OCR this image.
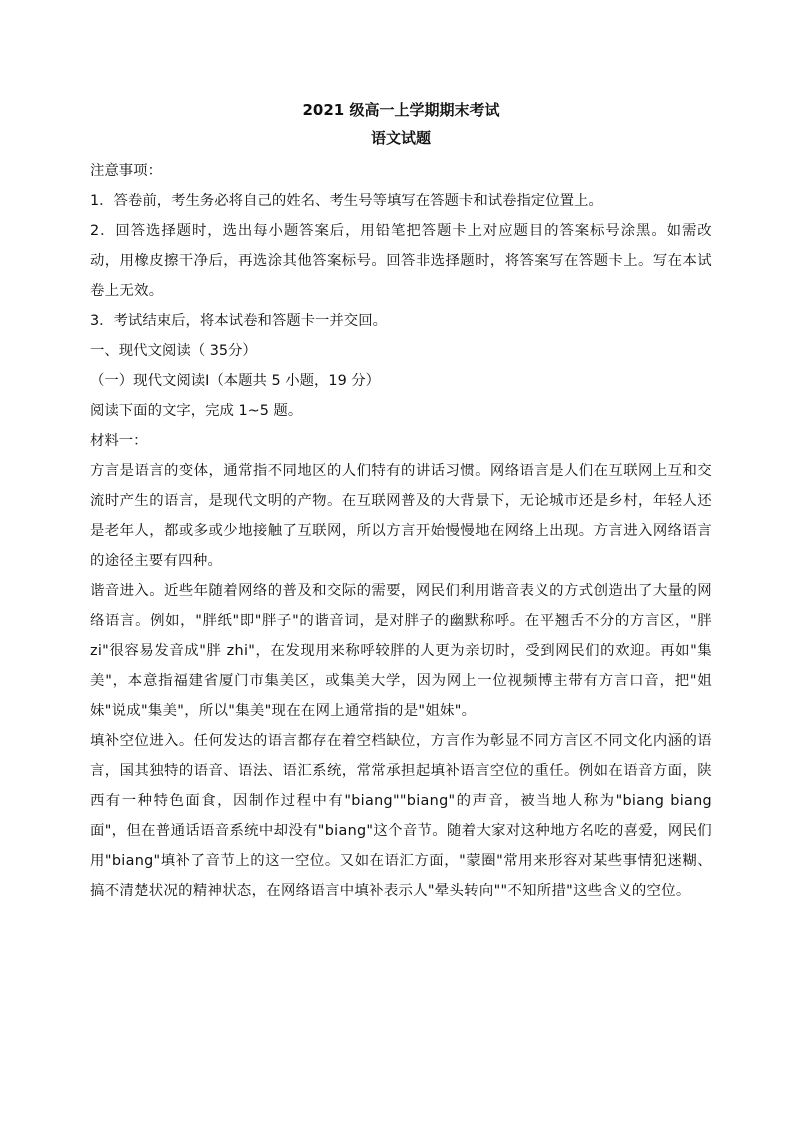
2021 级高一上学期期末考试

语文试题

注意事项：

1．答卷前，考生务必将自己的姓名、考生号等填写在答题卡和试卷指定位置上。

2．回答选择题时，选出每小题答案后，用铅笔把答题卡上对应题目的答案标号涂黑。如需改动，用橡皮擦干净后，再选涂其他答案标号。回答非选择题时，将答案写在答题卡上。写在本试卷上无效。

3．考试结束后，将本试卷和答题卡一并交回。

一、现代文阅读（ 35分）

（一）现代文阅读Ⅰ（本题共 5 小题，19 分）

阅读下面的文字，完成 1~5 题。

材料一：

方言是语言的变体，通常指不同地区的人们特有的讲话习惯。网络语言是人们在互联网上互和交流时产生的语言，是现代文明的产物。在互联网普及的大背景下，无论城市还是乡村，年轻人还是老年人，都或多或少地接触了互联网，所以方言开始慢慢地在网络上出现。方言进入网络语言的途径主要有四种。

谐音进入。近些年随着网络的普及和交际的需要，网民们利用谐音表义的方式创造出了大量的网络语言。例如，"胖纸"即"胖子"的谐音词，是对胖子的幽默称呼。在平翘舌不分的方言区，"胖 zi"很容易发音成"胖 zhi"，在发现用来称呼较胖的人更为亲切时，受到网民们的欢迎。再如"集美"，本意指福建省厦门市集美区，或集美大学，因为网上一位视频博主带有方言口音，把"姐妹"说成"集美"，所以"集美"现在在网上通常指的是"姐妹"。

填补空位进入。任何发达的语言都存在着空档缺位，方言作为彰显不同方言区不同文化内涵的语言，国其独特的语音、语法、语汇系统，常常承担起填补语言空位的重任。例如在语音方面，陕西有一种特色面食，因制作过程中有"biang""biang"的声音，被当地人称为"biang biang 面"，但在普通话语音系统中却没有"biang"这个音节。随着大家对这种地方名吃的喜爱，网民们用"biang"填补了音节上的这一空位。又如在语汇方面，"蒙圈"常用来形容对某些事情犯迷糊、搞不清楚状况的精神状态，在网络语言中填补表示人"晕头转向""不知所措"这些含义的空位。
